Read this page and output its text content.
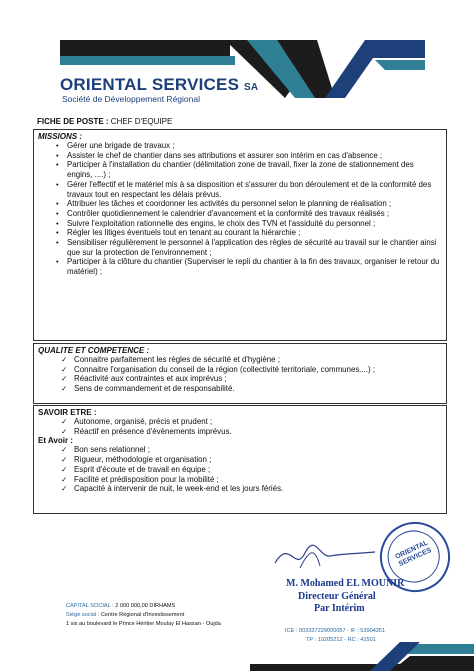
ORIENTAL SERVICES SA
Société de Développement Régional
FICHE DE POSTE : CHEF D'EQUIPE
MISSIONS :
• Gérer une brigade de travaux ;
• Assister le chef de chantier dans ses attributions et assurer son intérim en cas d'absence ;
• Participer à l'installation du chantier (délimitation zone de travail, fixer la zone de stationnement des engins, ....) ;
• Gérer l'effectif et le matériel mis à sa disposition et s'assurer du bon déroulement et de la conformité des travaux tout en respectant les délais prévus.
• Attribuer les tâches et coordonner les activités du personnel selon le planning de réalisation ;
• Contrôler quotidiennement le calendrier d'avancement et la conformité des travaux réalisés ;
• Suivre l'exploitation rationnelle des engins, le choix des TVN et l'assiduité du personnel ;
• Régler les litiges éventuels tout en tenant au courant la hiérarchie ;
• Sensibiliser régulièrement le personnel à l'application des règles de sécurité au travail sur le chantier ainsi que sur la protection de l'environnement ;
• Participer à la clôture du chantier (Superviser le repli du chantier à la fin des travaux, organiser le retour du matériel) ;
QUALITE ET COMPETENCE :
✓ Connaitre parfaitement les règles de sécurité et d'hygiène ;
✓ Connaitre l'organisation du conseil de la région (collectivité territoriale, communes....) ;
✓ Réactivité aux contraintes et aux imprévus ;
✓ Sens de commandement et de responsabilité.
SAVOIR ETRE :
✓ Autonome, organisé, précis et prudent ;
✓ Réactif en présence d'évènements imprévus.
Et Avoir :
✓ Bon sens relationnel ;
✓ Rigueur, méthodologie et organisation ;
✓ Esprit d'écoute et de travail en équipe ;
✓ Facilité et prédisposition pour la mobilité ;
✓ Capacité à intervenir de nuit, le week-end et les jours fériés.
ORIENTAL SERVICES
M. Mohamed EL MOUNIR
Directeur Général
Par Intérim
CAPITAL SOCIAL : 2 000 000,00 DIRHAMS
Siège social : Centre Régional d'Investissement
1 sis au boulevard le Prince Héritier Moulay El Hassan - Oujda
ICE : 003337229000057 - IF : 53904351
TP : 10205212 - RC : 41501
